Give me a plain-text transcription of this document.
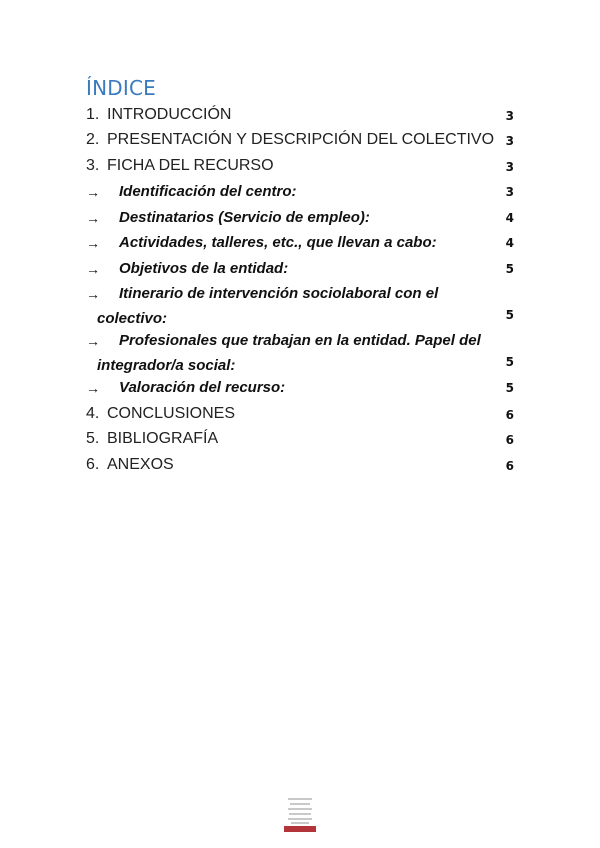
ÍNDICE
1. INTRODUCCIÓN	3
2. PRESENTACIÓN Y DESCRIPCIÓN DEL COLECTIVO 3
3. FICHA DEL RECURSO	3
→ Identificación del centro:	3
→ Destinatarios (Servicio de empleo):	4
→ Actividades, talleres, etc., que llevan a cabo:	4
→ Objetivos de la entidad:	5
→ Itinerario de intervención sociolaboral con el
colectivo:	5
→ Profesionales que trabajan en la entidad. Papel del
integrador/a social:	5
→ Valoración del recurso:	5
4. CONCLUSIONES	6
5. BIBLIOGRAFÍA	6
6. ANEXOS	6
